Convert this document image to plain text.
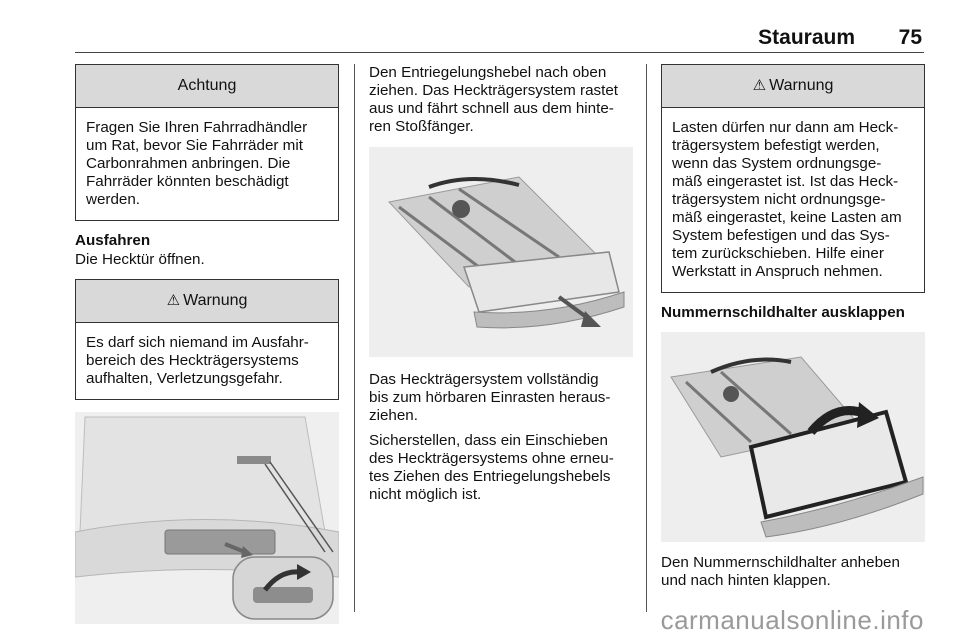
Stauraum 75
Achtung
Fragen Sie Ihren Fahrradhändler
um Rat, bevor Sie Fahrräder mit
Carbonrahmen anbringen. Die
Fahrräder könnten beschädigt
werden.
Ausfahren
Die Hecktür öffnen.
⚠ Warnung
Es darf sich niemand im Ausfahr-
bereich des Heckträgersystems
aufhalten, Verletzungsgefahr.
Den Entriegelungshebel nach oben
ziehen. Das Heckträgersystem rastet
aus und fährt schnell aus dem hinte-
ren Stoßfänger.
Das Heckträgersystem vollständig
bis zum hörbaren Einrasten heraus-
ziehen.
Sicherstellen, dass ein Einschieben
des Heckträgersystems ohne erneu-
tes Ziehen des Entriegelungshebels
nicht möglich ist.
⚠ Warnung
Lasten dürfen nur dann am Heck-
trägersystem befestigt werden,
wenn das System ordnungsge-
mäß eingerastet ist. Ist das Heck-
trägersystem nicht ordnungsge-
mäß eingerastet, keine Lasten am
System befestigen und das Sys-
tem zurückschieben. Hilfe einer
Werkstatt in Anspruch nehmen.
Nummernschildhalter ausklappen
Den Nummernschildhalter anheben
und nach hinten klappen.
carmanualsonline.info
